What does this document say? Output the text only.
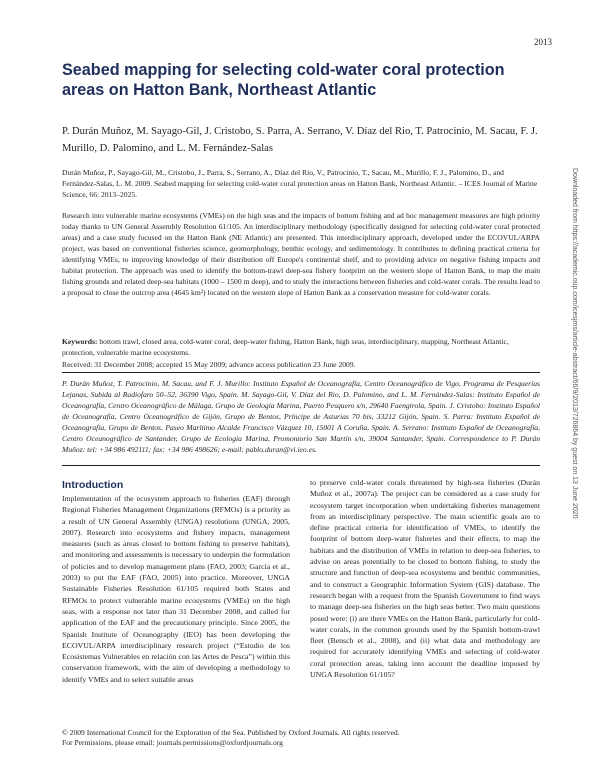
2013
Seabed mapping for selecting cold-water coral protection areas on Hatton Bank, Northeast Atlantic
P. Durán Muñoz, M. Sayago-Gil, J. Cristobo, S. Parra, A. Serrano, V. Díaz del Rio, T. Patrocinio, M. Sacau, F. J. Murillo, D. Palomino, and L. M. Fernández-Salas
Durán Muñoz, P., Sayago-Gil, M., Cristobo, J., Parra, S., Serrano, A., Díaz del Rio, V., Patrocinio, T., Sacau, M., Murillo, F. J., Palomino, D., and Fernández-Salas, L. M. 2009. Seabed mapping for selecting cold-water coral protection areas on Hatton Bank, Northeast Atlantic. – ICES Journal of Marine Science, 66: 2013–2025.
Research into vulnerable marine ecosystems (VMEs) on the high seas and the impacts of bottom fishing and ad hoc management measures are high priority today thanks to UN General Assembly Resolution 61/105. An interdisciplinary methodology (specifically designed for selecting cold-water coral protected areas) and a case study focused on the Hatton Bank (NE Atlantic) are presented. This interdisciplinary approach, developed under the ECOVUL/ARPA project, was based on conventional fisheries science, geomorphology, benthic ecology, and sedimentology. It contributes to defining practical criteria for identifying VMEs, to improving knowledge of their distribution off Europe's continental shelf, and to providing advice on negative fishing impacts and habitat protection. The approach was used to identify the bottom-trawl deep-sea fishery footprint on the western slope of Hatton Bank, to map the main fishing grounds and related deep-sea habitats (1000 – 1500 m deep), and to study the interactions between fisheries and cold-water corals. The results lead to a proposal to close the outcrop area (4645 km²) located on the western slope of Hatton Bank as a conservation measure for cold-water corals.
Keywords: bottom trawl, closed area, cold-water coral, deep-water fishing, Hatton Bank, high seas, interdisciplinary, mapping, Northeast Atlantic, protection, vulnerable marine ecosystems.
Received: 31 December 2008; accepted 15 May 2009; advance access publication 23 June 2009.
P. Durán Muñoz, T. Patrocinio, M. Sacau, and F. J. Murillo: Instituto Español de Oceanografía, Centro Oceanográfico de Vigo, Programa de Pesquerías Lejanas, Subida al Radiofaro 50–52, 36390 Vigo, Spain. M. Sayago-Gil, V. Díaz del Rio, D. Palomino, and L. M. Fernández-Salas: Instituto Español de Oceanografía, Centro Oceanográfico de Málaga, Grupo de Geología Marina, Puerto Pesquero s/n, 29640 Fuengirola, Spain. J. Cristobo: Instituto Español de Oceanografía, Centro Oceanográfico de Gijón, Grupo de Bentos, Príncipe de Asturias 70 bis, 33212 Gijón, Spain. S. Parra: Instituto Español de Oceanografía, Grupo de Bentos, Paseo Marítimo Alcalde Francisco Vázquez 10, 15001 A Coruña, Spain. A. Serrano: Instituto Español de Oceanografía, Centro Oceanográfico de Santander, Grupo de Ecología Marina, Promontorio San Martín s/n, 39004 Santander, Spain. Correspondence to P. Durán Muñoz: tel: +34 986 492111; fax: +34 986 498626; e-mail: pablo.duran@vi.ieo.es.
Introduction
Implementation of the ecosystem approach to fisheries (EAF) through Regional Fisheries Management Organizations (RFMOs) is a priority as a result of UN General Assembly (UNGA) resolutions (UNGA, 2005, 2007). Research into ecosystems and fishery impacts, management measures (such as areas closed to bottom fishing to preserve habitats), and monitoring and assessments is necessary to underpin the formulation of policies and to develop management plans (FAO, 2003; García et al., 2003) to put the EAF (FAO, 2005) into practice. Moreover, UNGA Sustainable Fisheries Resolution 61/105 required both States and RFMOs to protect vulnerable marine ecosystems (VMEs) on the high seas, with a response not later than 31 December 2008, and called for application of the EAF and the precautionary principle. Since 2005, the Spanish Institute of Oceanography (IEO) has been developing the ECOVUL/ARPA interdisciplinary research project (“Estudio de los Ecosistemas Vulnerables en relación con las Artes de Pesca”) within this conservation framework, with the aim of developing a methodology to identify VMEs and to select suitable areas
to preserve cold-water corals threatened by high-sea fisheries (Durán Muñoz et al., 2007a). The project can be considered as a case study for ecosystem target incorporation when undertaking fisheries management from an interdisciplinary perspective. The main scientific goals are to define practical criteria for identification of VMEs, to identify the footprint of bottom deep-water fisheries and their effects, to map the habitats and the distribution of VMEs in relation to deep-sea fisheries, to advise on areas potentially to be closed to bottom fishing, to study the structure and function of deep-sea ecosystems and benthic communities, and to construct a Geographic Information System (GIS) database. The research began with a request from the Spanish Government to find ways to manage deep-sea fisheries on the high seas better. Two main questions posed were: (i) are there VMEs on the Hatton Bank, particularly for cold-water corals, in the common grounds used by the Spanish bottom-trawl fleet (Bensch et al., 2008), and (ii) what data and methodology are required for accurately identifying VMEs and selecting of cold-water coral protection areas, taking into account the deadline imposed by UNGA Resolution 61/105?
© 2009 International Council for the Exploration of the Sea. Published by Oxford Journals. All rights reserved.
For Permissions, please email: journals.permissions@oxfordjournals.org
Downloaded from https://academic.oup.com/icesjms/article-abstract/66/9/2013/726864 by guest on 13 June 2020
